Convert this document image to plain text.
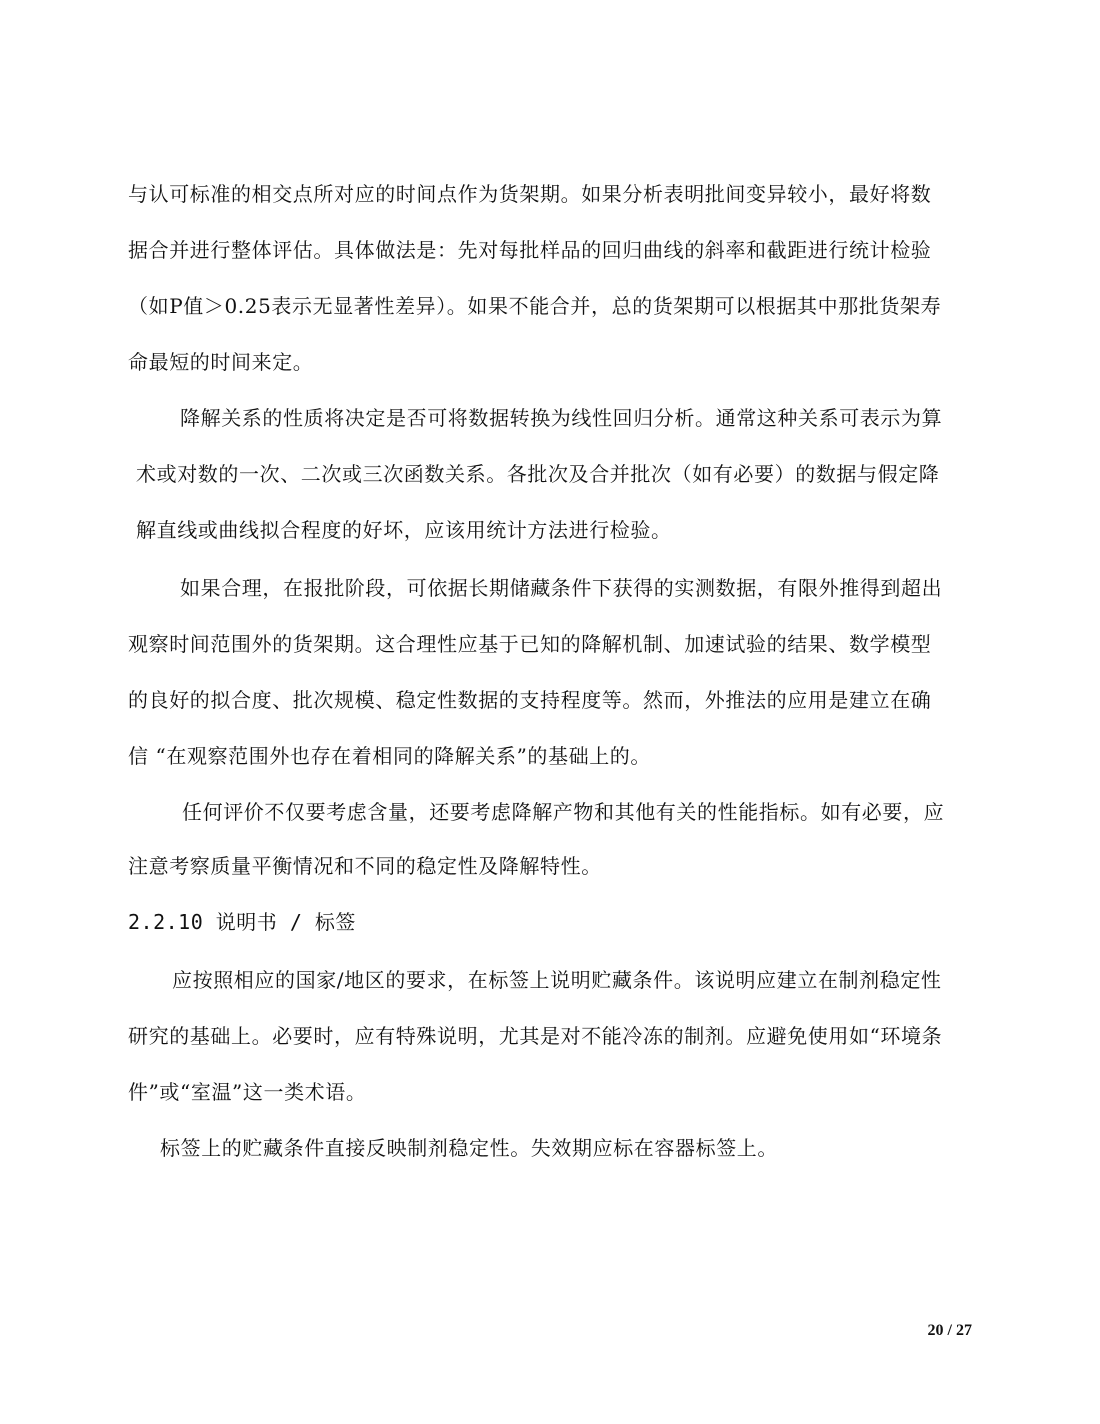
与认可标准的相交点所对应的时间点作为货架期。如果分析表明批间变异较小，最好将数
据合并进行整体评估。具体做法是：先对每批样品的回归曲线的斜率和截距进行统计检验
（如P值＞0.25表示无显著性差异）。如果不能合并，总的货架期可以根据其中那批货架寿
命最短的时间来定。
降解关系的性质将决定是否可将数据转换为线性回归分析。通常这种关系可表示为算
术或对数的一次、二次或三次函数关系。各批次及合并批次（如有必要）的数据与假定降
解直线或曲线拟合程度的好坏，应该用统计方法进行检验。
如果合理，在报批阶段，可依据长期储藏条件下获得的实测数据，有限外推得到超出
观察时间范围外的货架期。这合理性应基于已知的降解机制、加速试验的结果、数学模型
的良好的拟合度、批次规模、稳定性数据的支持程度等。然而，外推法的应用是建立在确
信 “在观察范围外也存在着相同的降解关系”的基础上的。
任何评价不仅要考虑含量，还要考虑降解产物和其他有关的性能指标。如有必要，应
注意考察质量平衡情况和不同的稳定性及降解特性。
2.2.10 说明书 / 标签
应按照相应的国家/地区的要求，在标签上说明贮藏条件。该说明应建立在制剂稳定性
研究的基础上。必要时，应有特殊说明，尤其是对不能冷冻的制剂。应避免使用如“环境条
件”或“室温”这一类术语。
标签上的贮藏条件直接反映制剂稳定性。失效期应标在容器标签上。
20 / 27
